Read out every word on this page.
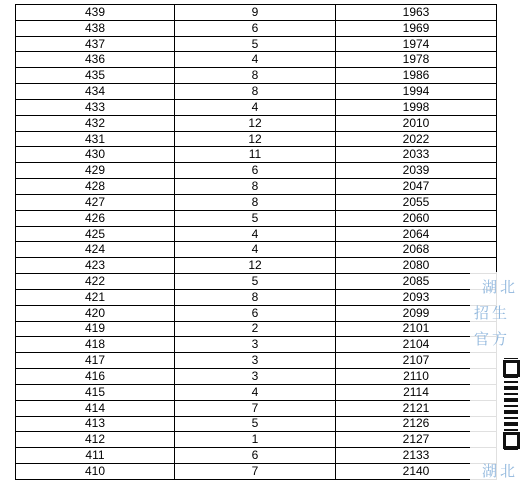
439	9	1963
438	6	1969
437	5	1974
436	4	1978
435	8	1986
434	8	1994
433	4	1998
432	12	2010
431	12	2022
430	11	2033
429	6	2039
428	8	2047
427	8	2055
426	5	2060
425	4	2064
424	4	2068
423	12	2080
422	5	2085
421	8	2093
420	6	2099
419	2	2101
418	3	2104
417	3	2107
416	3	2110
415	4	2114
414	7	2121
413	5	2126
412	1	2127
411	6	2133
410	7	2140
湖北
招生
官方
湖北
